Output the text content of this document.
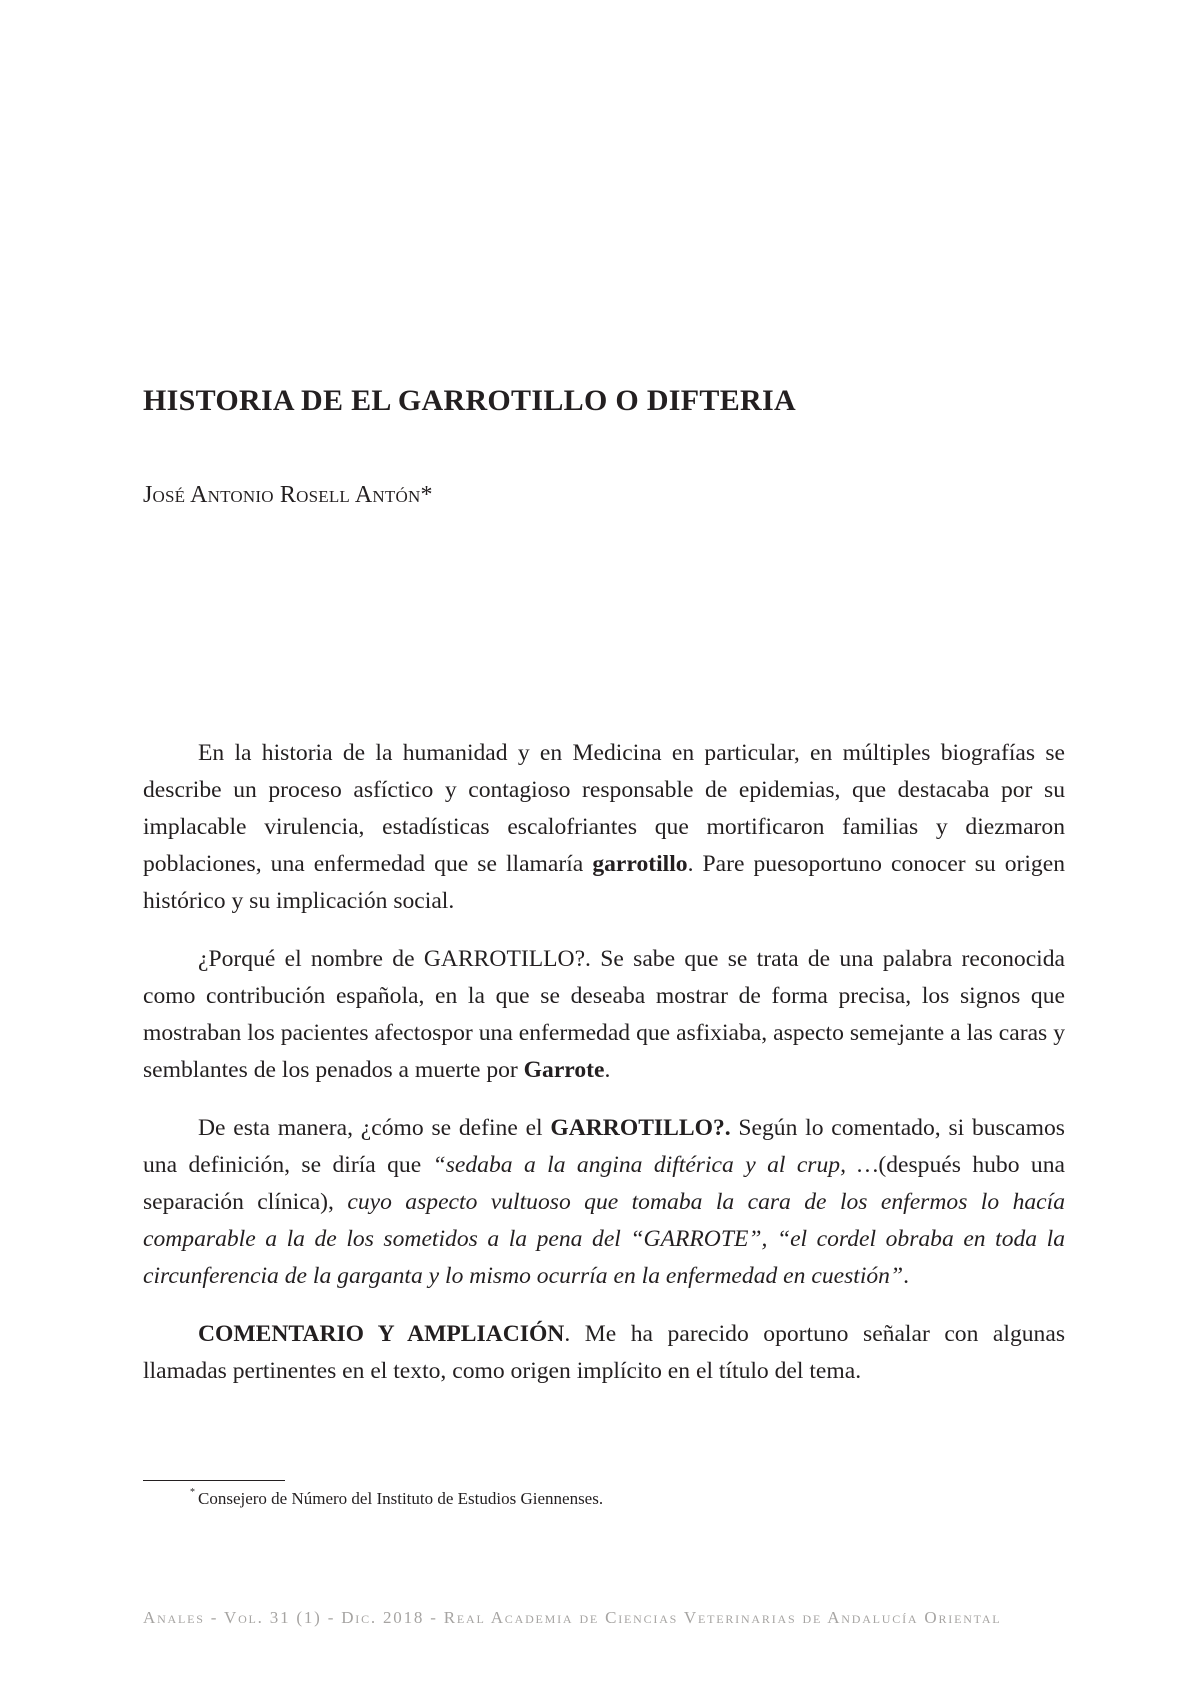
HISTORIA DE EL GARROTILLO O DIFTERIA

José Antonio Rosell Antón*

En la historia de la humanidad y en Medicina en particular, en múltiples biografías se describe un proceso asfíctico y contagioso responsable de epidemias, que destacaba por su implacable virulencia, estadísticas escalofriantes que mortificaron familias y diezmaron poblaciones, una enfermedad que se llamaría garrotillo. Pare puesoportuno conocer su origen histórico y su implicación social.

¿Porqué el nombre de GARROTILLO?. Se sabe que se trata de una palabra reconocida como contribución española, en la que se deseaba mostrar de forma precisa, los signos que mostraban los pacientes afectospor una enfermedad que asfixiaba, aspecto semejante a las caras y semblantes de los penados a muerte por Garrote.

De esta manera, ¿cómo se define el GARROTILLO?. Según lo comentado, si buscamos una definición, se diría que “sedaba a la angina diftérica y al crup, …(después hubo una separación clínica), cuyo aspecto vultuoso que tomaba la cara de los enfermos lo hacía comparable a la de los sometidos a la pena del “GARROTE”, “el cordel obraba en toda la circunferencia de la garganta y lo mismo ocurría en la enfermedad en cuestión”.

COMENTARIO Y AMPLIACIÓN. Me ha parecido oportuno señalar con algunas llamadas pertinentes en el texto, como origen implícito en el título del tema.

* Consejero de Número del Instituto de Estudios Giennenses.

Anales - Vol. 31 (1) - Dic. 2018 - Real Academia de Ciencias Veterinarias de Andalucía Oriental
